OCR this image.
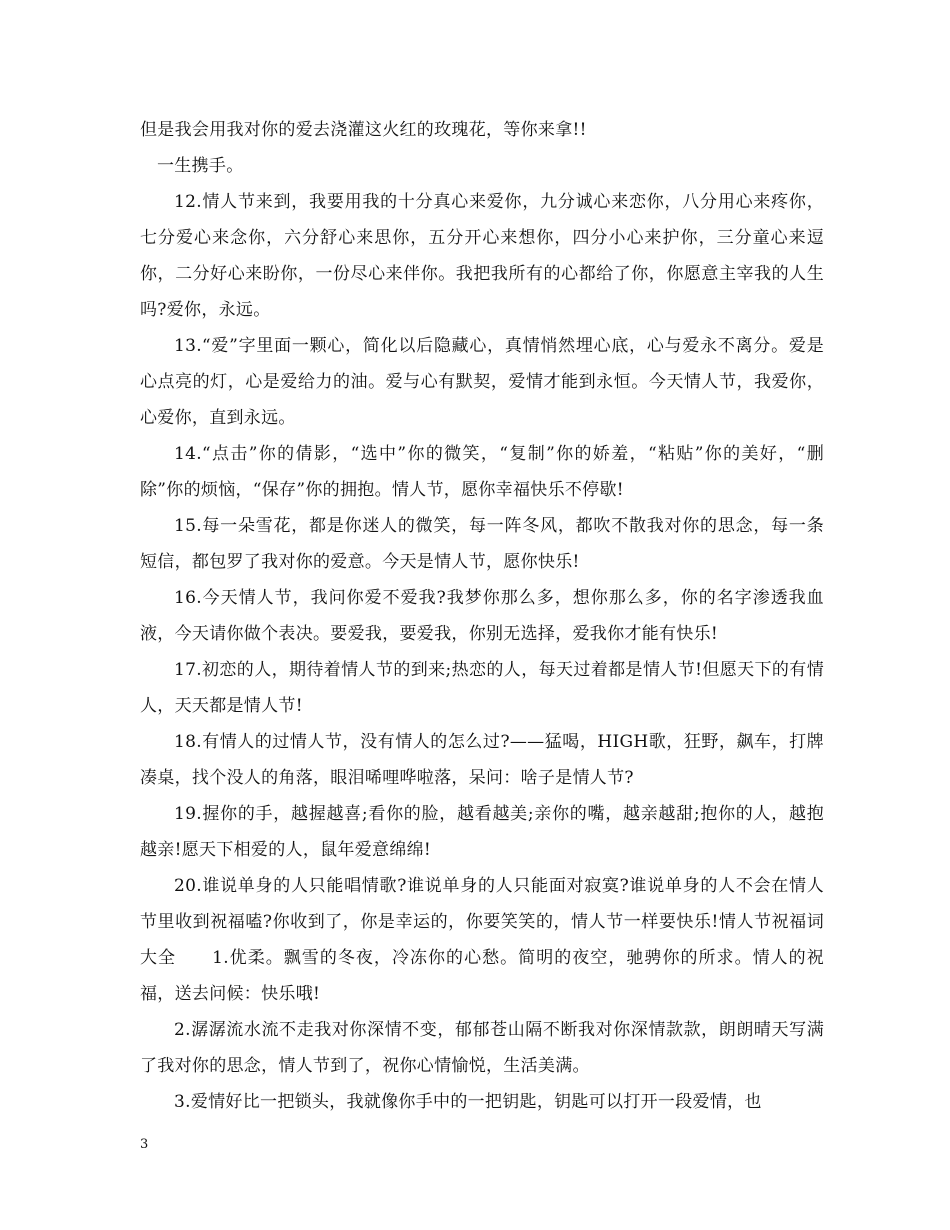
但是我会用我对你的爱去浇灌这火红的玫瑰花，等你来拿!!

一生携手。

12.情人节来到，我要用我的十分真心来爱你，九分诚心来恋你，八分用心来疼你，七分爱心来念你，六分舒心来思你，五分开心来想你，四分小心来护你，三分童心来逗你，二分好心来盼你，一份尽心来伴你。我把我所有的心都给了你，你愿意主宰我的人生吗?爱你，永远。

13.“爱”字里面一颗心，简化以后隐藏心，真情悄然埋心底，心与爱永不离分。爱是心点亮的灯，心是爱给力的油。爱与心有默契，爱情才能到永恒。今天情人节，我爱你，心爱你，直到永远。

14.“点击”你的倩影，“选中”你的微笑，“复制”你的娇羞，“粘贴”你的美好，“删除”你的烦恼，“保存”你的拥抱。情人节，愿你幸福快乐不停歇!

15.每一朵雪花，都是你迷人的微笑，每一阵冬风，都吹不散我对你的思念，每一条短信，都包罗了我对你的爱意。今天是情人节，愿你快乐!

16.今天情人节，我问你爱不爱我?我梦你那么多，想你那么多，你的名字渗透我血液，今天请你做个表决。要爱我，要爱我，你别无选择，爱我你才能有快乐!

17.初恋的人，期待着情人节的到来;热恋的人，每天过着都是情人节!但愿天下的有情人，天天都是情人节!

18.有情人的过情人节，没有情人的怎么过?——猛喝，HIGH歌，狂野，飙车，打牌凑桌，找个没人的角落，眼泪唏哩哗啦落，呆问：啥子是情人节?

19.握你的手，越握越喜;看你的脸，越看越美;亲你的嘴，越亲越甜;抱你的人，越抱越亲!愿天下相爱的人，鼠年爱意绵绵!

20.谁说单身的人只能唱情歌?谁说单身的人只能面对寂寞?谁说单身的人不会在情人节里收到祝福嗑?你收到了，你是幸运的，你要笑笑的，情人节一样要快乐!情人节祝福词大全　　1.优柔。飘雪的冬夜，冷冻你的心愁。简明的夜空，驰骋你的所求。情人的祝福，送去问候：快乐哦!

2.潺潺流水流不走我对你深情不变，郁郁苍山隔不断我对你深情款款，朗朗晴天写满了我对你的思念，情人节到了，祝你心情愉悦，生活美满。

3.爱情好比一把锁头，我就像你手中的一把钥匙，钥匙可以打开一段爱情，也

3
